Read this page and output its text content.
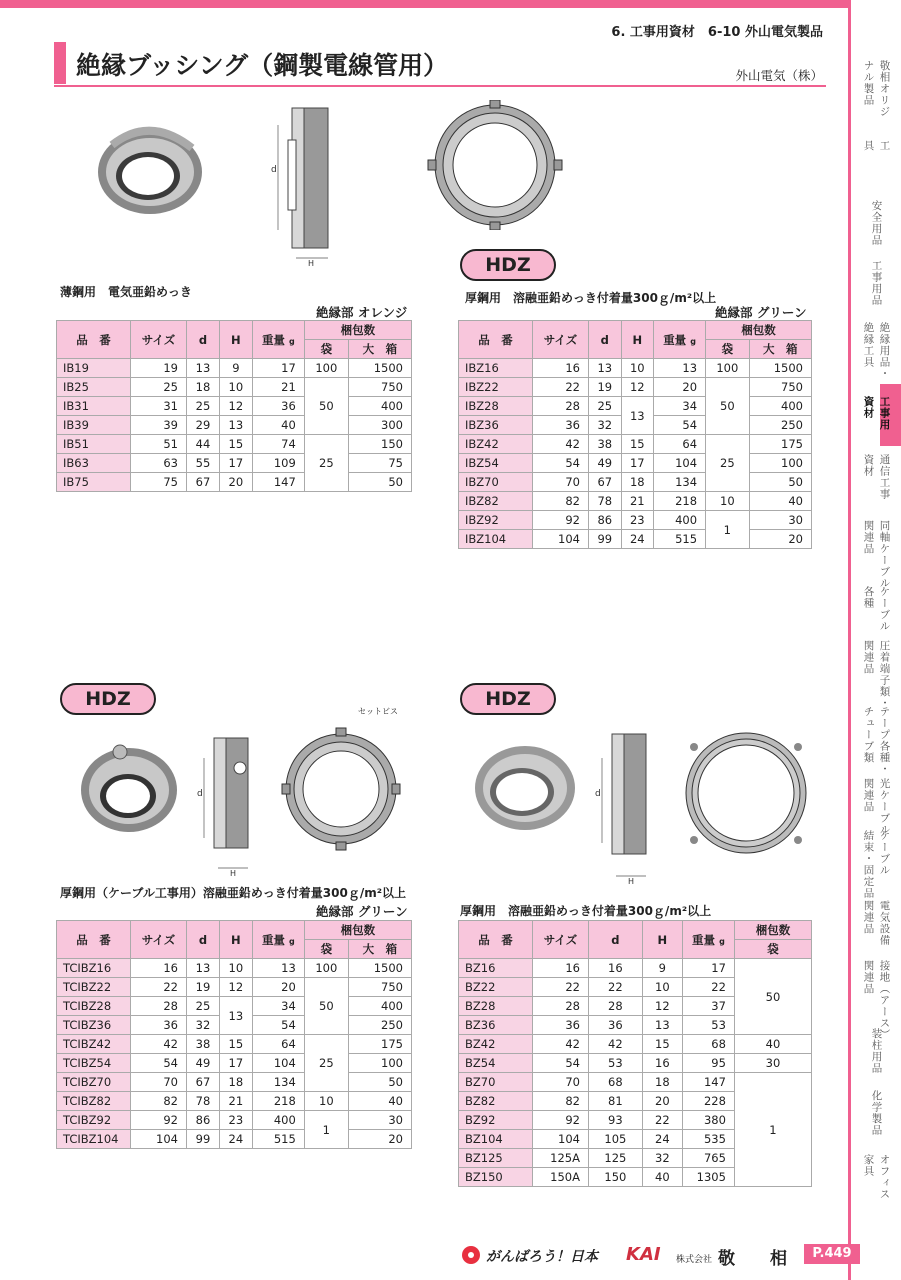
敬相オリジ
ナル製品
工
具
安全用品
工事用品
絶縁用品・
絶縁工具
工事用
資材
通信工事
資材
同軸ケーブル
関連品
ケーブル
各種
圧着端子類・
関連品
テープ各種・
チューブ類
光ケーブル
関連品
ケーブル
結束・固定品
電気設備
関連品
接地（アース）
関連品
装柱用品
化学製品
オフィス
家具
6. 工事用資材　6-10 外山電気製品
絶縁ブッシング（鋼製電線管用）	外山電気（株）
d
H	HDZ
薄鋼用　電気亜鉛めっき
絶縁部 オレンジ
厚鋼用　溶融亜鉛めっき付着量300ｇ/m²以上
絶縁部 グリーン
品　番	サイズ	d	H	重量 g	梱包数	
					袋	大　箱
IB19	19	13	9	17	100	1500
IB25	25	18	10	21	50	750
IB31	31	25	12	36		400
IB39	39	29	13	40		300
IB51	51	44	15	74	25	150
IB63	63	55	17	109		75
IB75	75	67	20	147		50
品　番	サイズ	d	H	重量 g	梱包数	
					袋	大　箱
IBZ16	16	13	10	13	100	1500
IBZ22	22	19	12	20	50	750
IBZ28	28	25	13	34		400
IBZ36	36	32		54		250
IBZ42	42	38	15	64	25	175
IBZ54	54	49	17	104		100
IBZ70	70	67	18	134		50
IBZ82	82	78	21	218	10	40
IBZ92	92	86	23	400	1	30
IBZ104	104	99	24	515		20
HDZ	HDZ
d
H
セットビス
d
H
厚鋼用（ケーブル工事用）溶融亜鉛めっき付着量300ｇ/m²以上
絶縁部 グリーン	厚鋼用　溶融亜鉛めっき付着量300ｇ/m²以上
品　番	サイズ	d	H	重量 g	梱包数	
					袋	大　箱
TCIBZ16	16	13	10	13	100	1500
TCIBZ22	22	19	12	20	50	750
TCIBZ28	28	25	13	34		400
TCIBZ36	36	32		54		250
TCIBZ42	42	38	15	64	25	175
TCIBZ54	54	49	17	104		100
TCIBZ70	70	67	18	134		50
TCIBZ82	82	78	21	218	10	40
TCIBZ92	92	86	23	400	1	30
TCIBZ104	104	99	24	515		20
品　番	サイズ	d	H	重量 g	梱包数
					袋
BZ16	16	16	9	17	50
BZ22	22	22	10	22	
BZ28	28	28	12	37	
BZ36	36	36	13	53	
BZ42	42	42	15	68	40
BZ54	54	53	16	95	30
BZ70	70	68	18	147	1
BZ82	82	81	20	228	
BZ92	92	93	22	380	
BZ104	104	105	24	535	
BZ125	125A	125	32	765	
BZ150	150A	150	40	1305	
がんばろう！日本 KAI 株式会社 敬 相	P.449
